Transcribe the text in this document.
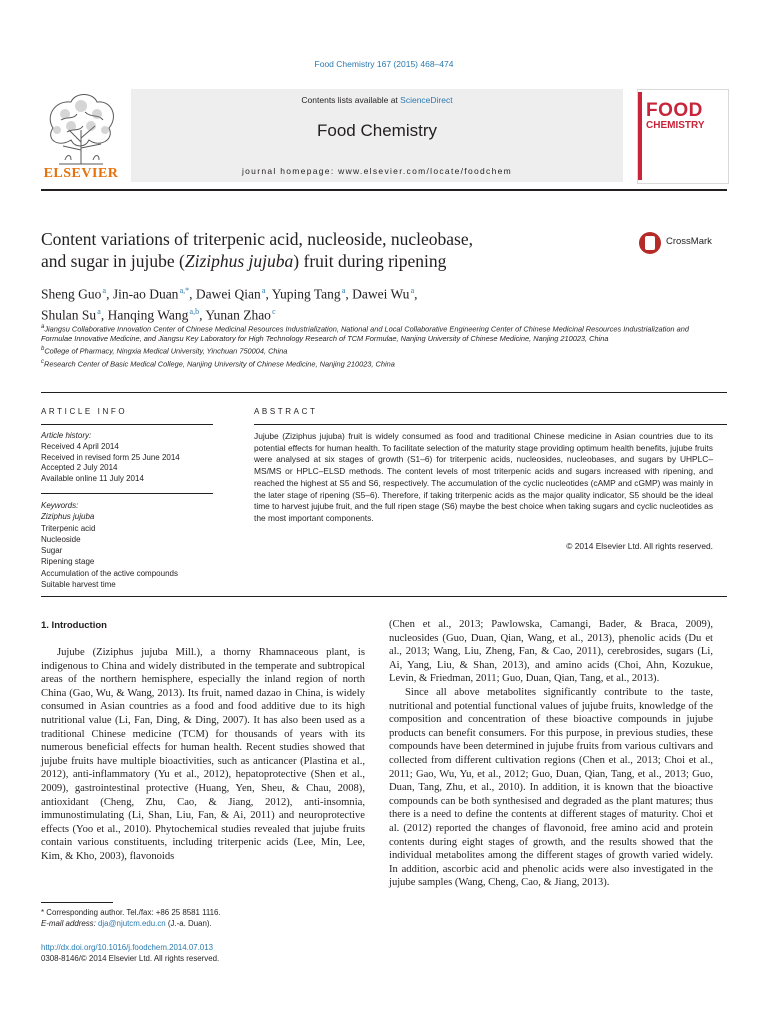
Food Chemistry 167 (2015) 468–474
ELSEVIER
Contents lists available at ScienceDirect
Food Chemistry
journal homepage: www.elsevier.com/locate/foodchem
FOOD
CHEMISTRY
Content variations of triterpenic acid, nucleoside, nucleobase,
and sugar in jujube (Ziziphus jujuba) fruit during ripening
CrossMark
Sheng Guo $^a$, Jin-ao Duan $^{a,*}$, Dawei Qian $^a$, Yuping Tang $^a$, Dawei Wu $^a$,
Shulan Su $^a$, Hanqing Wang $^{a,b}$, Yunan Zhao $^c$
$^a$Jiangsu Collaborative Innovation Center of Chinese Medicinal Resources Industrialization, National and Local Collaborative Engineering Center of Chinese Medicinal Resources Industrialization and Formulae Innovative Medicine, and Jiangsu Key Laboratory for High Technology Research of TCM Formulae, Nanjing University of Chinese Medicine, Nanjing 210023, China
$^b$College of Pharmacy, Ningxia Medical University, Yinchuan 750004, China
$^c$Research Center of Basic Medical College, Nanjing University of Chinese Medicine, Nanjing 210023, China
ARTICLE INFO
Article history:
Received 4 April 2014
Received in revised form 25 June 2014
Accepted 2 July 2014
Available online 11 July 2014
Keywords:
Ziziphus jujuba
Triterpenic acid
Nucleoside
Sugar
Ripening stage
Accumulation of the active compounds
Suitable harvest time
ABSTRACT
Jujube (Ziziphus jujuba) fruit is widely consumed as food and traditional Chinese medicine in Asian countries due to its potential effects for human health. To facilitate selection of the maturity stage providing optimum health benefits, jujube fruits were analysed at six stages of growth (S1–6) for triterpenic acids, nucleosides, nucleobases, and sugars by UHPLC–MS/MS or HPLC–ELSD methods. The content levels of most triterpenic acids and sugars increased with ripening, and reached the highest at S5 and S6, respectively. The accumulation of the cyclic nucleotides (cAMP and cGMP) was mainly in the later stage of ripening (S5–6). Therefore, if taking triterpenic acids as the major quality indicator, S5 should be the ideal time to harvest jujube fruit, and the full ripen stage (S6) maybe the best choice when taking sugars and cyclic nucleotides as the most important components.
© 2014 Elsevier Ltd. All rights reserved.
1. Introduction

Jujube (Ziziphus jujuba Mill.), a thorny Rhamnaceous plant, is indigenous to China and widely distributed in the temperate and subtropical areas of the northern hemisphere, especially the inland region of north China (Gao, Wu, & Wang, 2013). Its fruit, named dazao in China, is widely consumed in Asian countries as a food and food additive due to its high nutritional value (Li, Fan, Ding, & Ding, 2007). It has also been used as a traditional Chinese medicine (TCM) for thousands of years with its numerous beneficial effects for human health. Recent studies showed that jujube fruits have multiple bioactivities, such as anticancer (Plastina et al., 2012), anti-inflammatory (Yu et al., 2012), hepatoprotective (Shen et al., 2009), gastrointestinal protective (Huang, Yen, Sheu, & Chau, 2008), antioxidant (Cheng, Zhu, Cao, & Jiang, 2012), anti-insomnia, immunostimulating (Li, Shan, Liu, Fan, & Ai, 2011) and neuroprotective effects (Yoo et al., 2010). Phytochemical studies revealed that jujube fruits contain various constituents, including triterpenic acids (Lee, Min, Lee, Kim, & Kho, 2003), flavonoids

(Chen et al., 2013; Pawlowska, Camangi, Bader, & Braca, 2009), nucleosides (Guo, Duan, Qian, Wang, et al., 2013), phenolic acids (Du et al., 2013; Wang, Liu, Zheng, Fan, & Cao, 2011), cerebrosides, sugars (Li, Ai, Yang, Liu, & Shan, 2013), and amino acids (Choi, Ahn, Kozukue, Levin, & Friedman, 2011; Guo, Duan, Qian, Tang, et al., 2013).

Since all above metabolites significantly contribute to the taste, nutritional and potential functional values of jujube fruits, knowledge of the composition and concentration of these bioactive compounds in jujube products can benefit consumers. For this purpose, in previous studies, these compounds have been determined in jujube fruits from various cultivars and collected from different cultivation regions (Chen et al., 2013; Choi et al., 2011; Gao, Wu, Yu, et al., 2012; Guo, Duan, Qian, Tang, et al., 2013; Guo, Duan, Tang, Zhu, et al., 2010). In addition, it is known that the bioactive compounds can be both synthesised and degraded as the plant matures; thus there is a need to define the contents at different stages of maturity. Choi et al. (2012) reported the changes of flavonoid, free amino acid and protein contents during eight stages of growth, and the results showed that the individual metabolites among the different stages of growth varied widely. In addition, ascorbic acid and phenolic acids were also investigated in the jujube samples (Wang, Cheng, Cao, & Jiang, 2013).

* Corresponding author. Tel./fax: +86 25 8581 1116.
E-mail address: dja@njutcm.edu.cn (J.-a. Duan).
http://dx.doi.org/10.1016/j.foodchem.2014.07.013
0308-8146/© 2014 Elsevier Ltd. All rights reserved.
